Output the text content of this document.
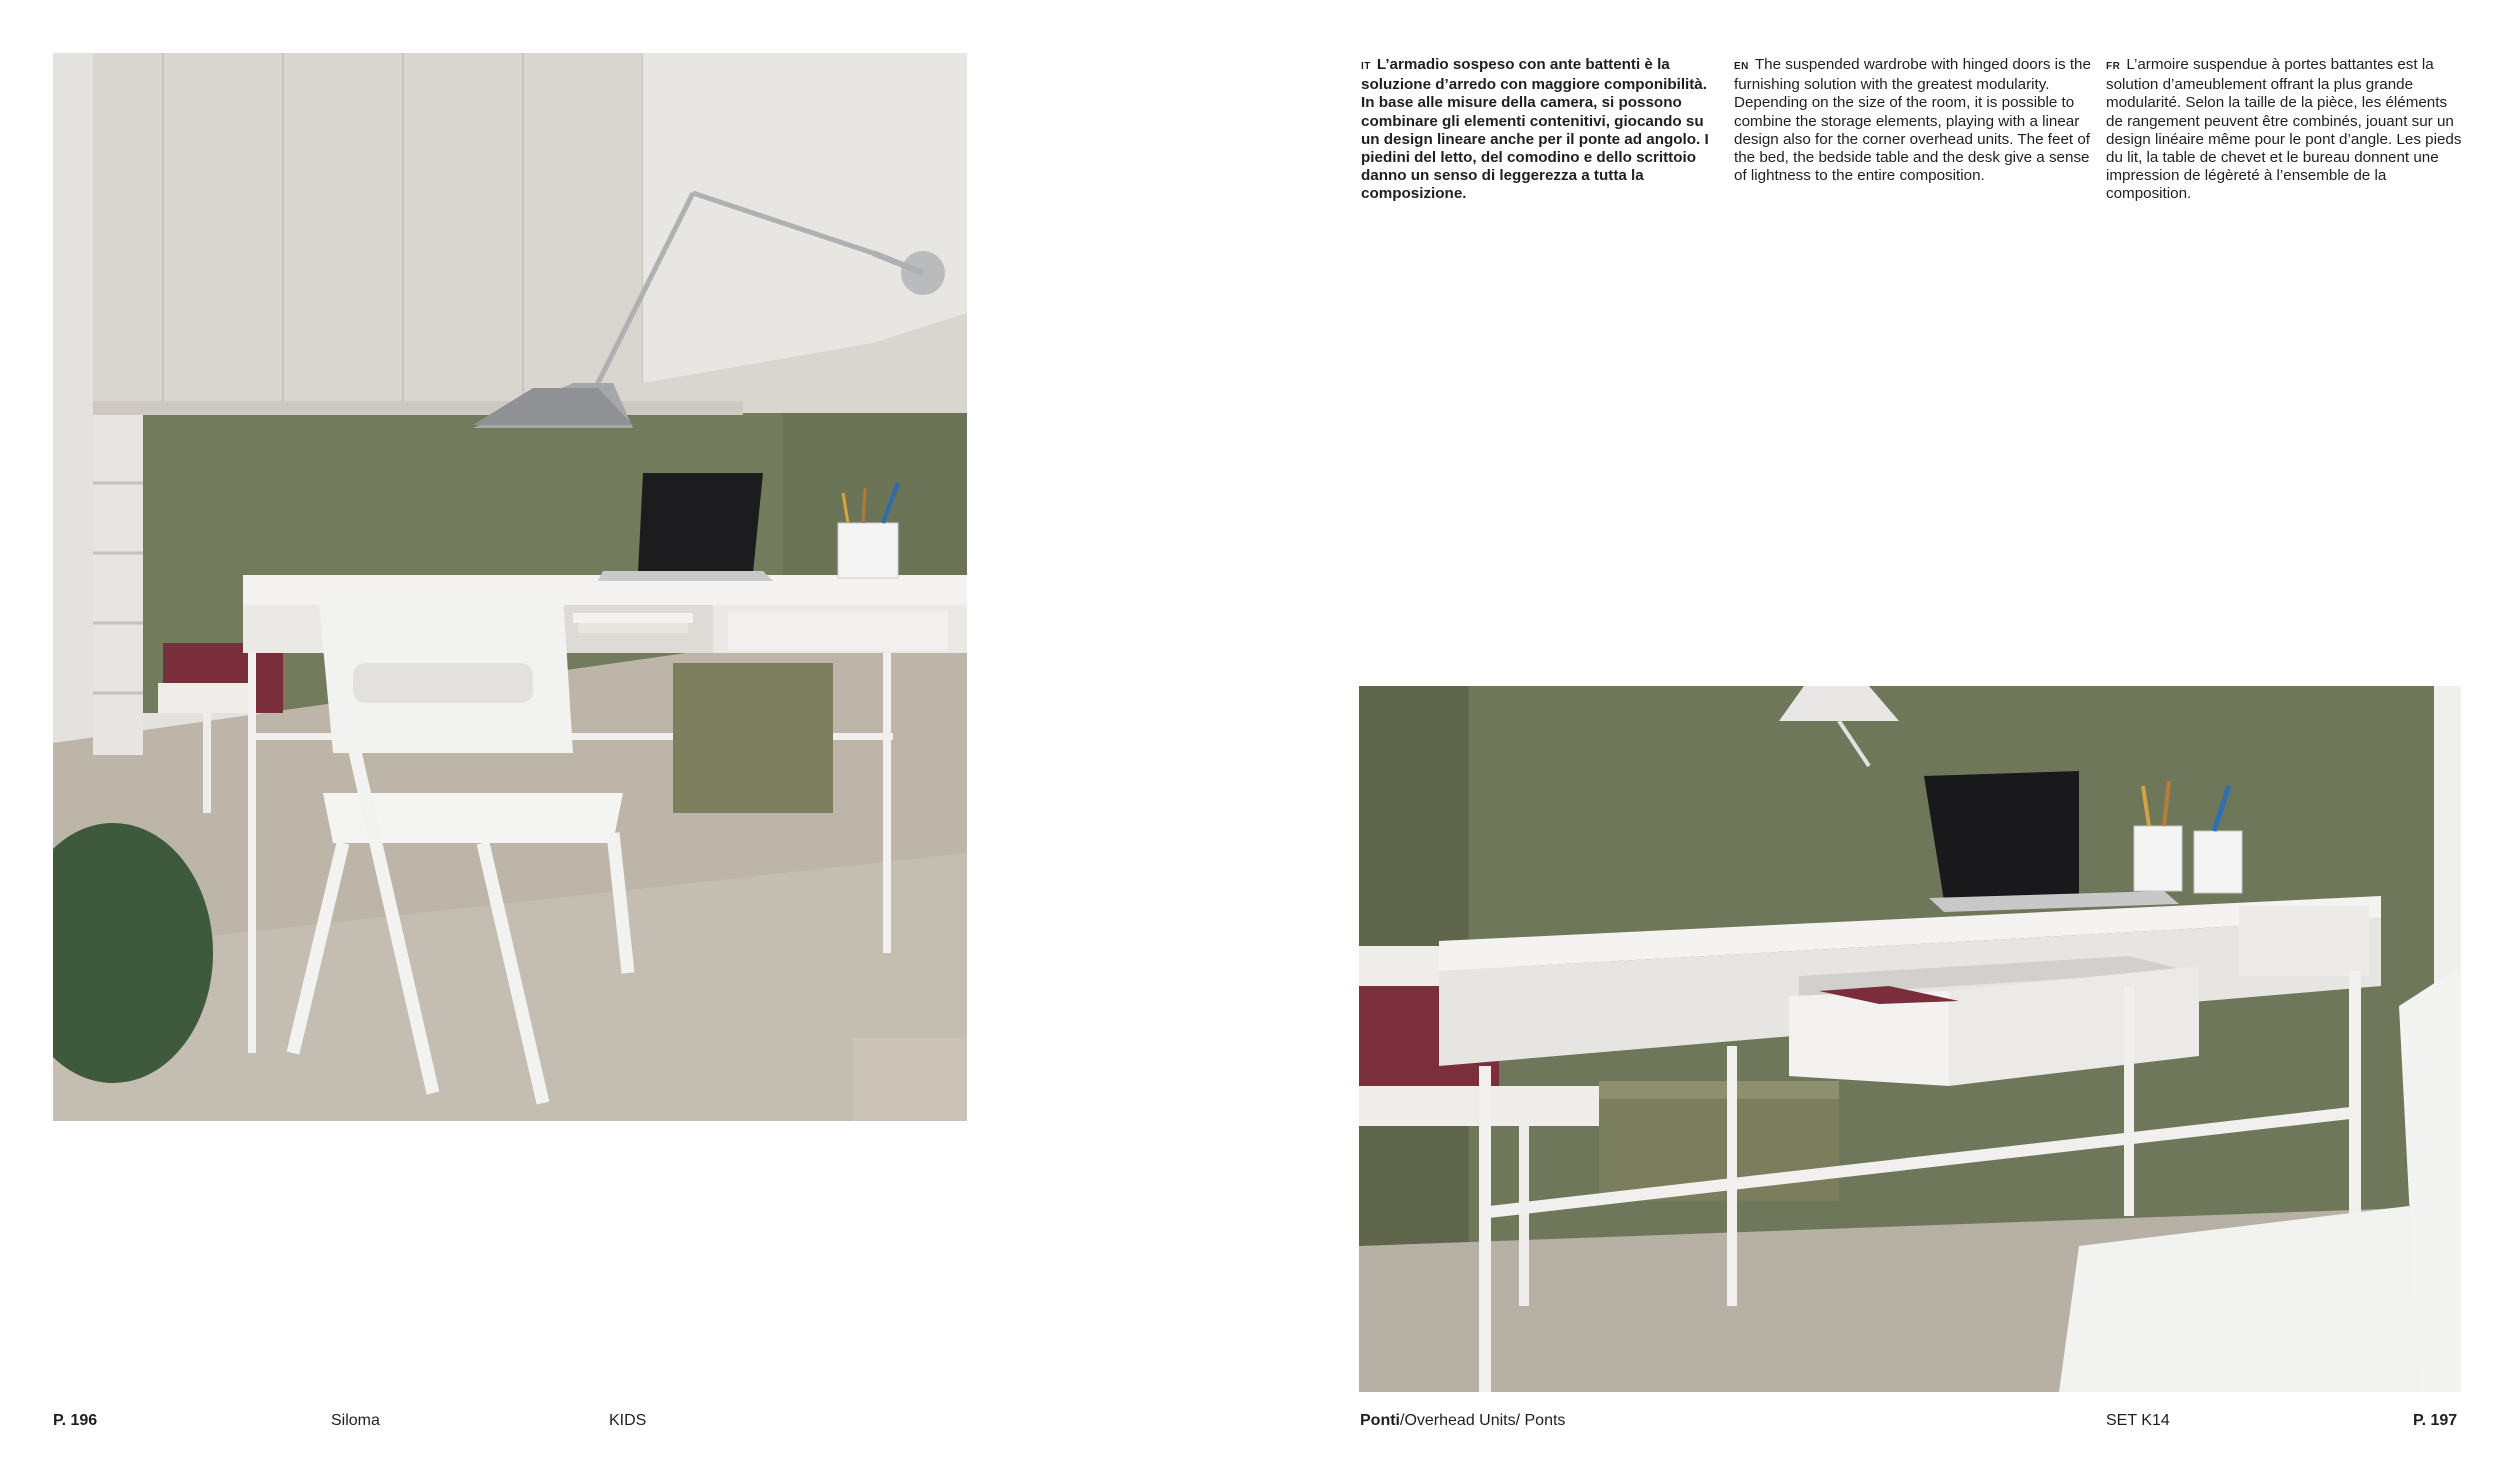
IT L’armadio sospeso con ante battenti è la soluzione d’arredo con maggiore componibilità. In base alle misure della camera, si possono combinare gli elementi contenitivi, giocando su un design lineare anche per il ponte ad angolo. I piedini del letto, del comodino e dello scrittoio danno un senso di leggerezza a tutta la composizione.
EN The suspended wardrobe with hinged doors is the furnishing solution with the greatest modularity. Depending on the size of the room, it is possible to combine the storage elements, playing with a linear design also for the corner overhead units. The feet of the bed, the bedside table and the desk give a sense of lightness to the entire composition.
FR L’armoire suspendue à portes battantes est la solution d’ameublement offrant la plus grande modularité. Selon la taille de la pièce, les éléments de rangement peuvent être combinés, jouant sur un design linéaire même pour le pont d’angle. Les pieds du lit, la table de chevet et le bureau donnent une impression de légèreté à l’ensemble de la composition.
P. 196	Siloma	KIDS	Ponti/Overhead Units/ Ponts	SET K14	P. 197
